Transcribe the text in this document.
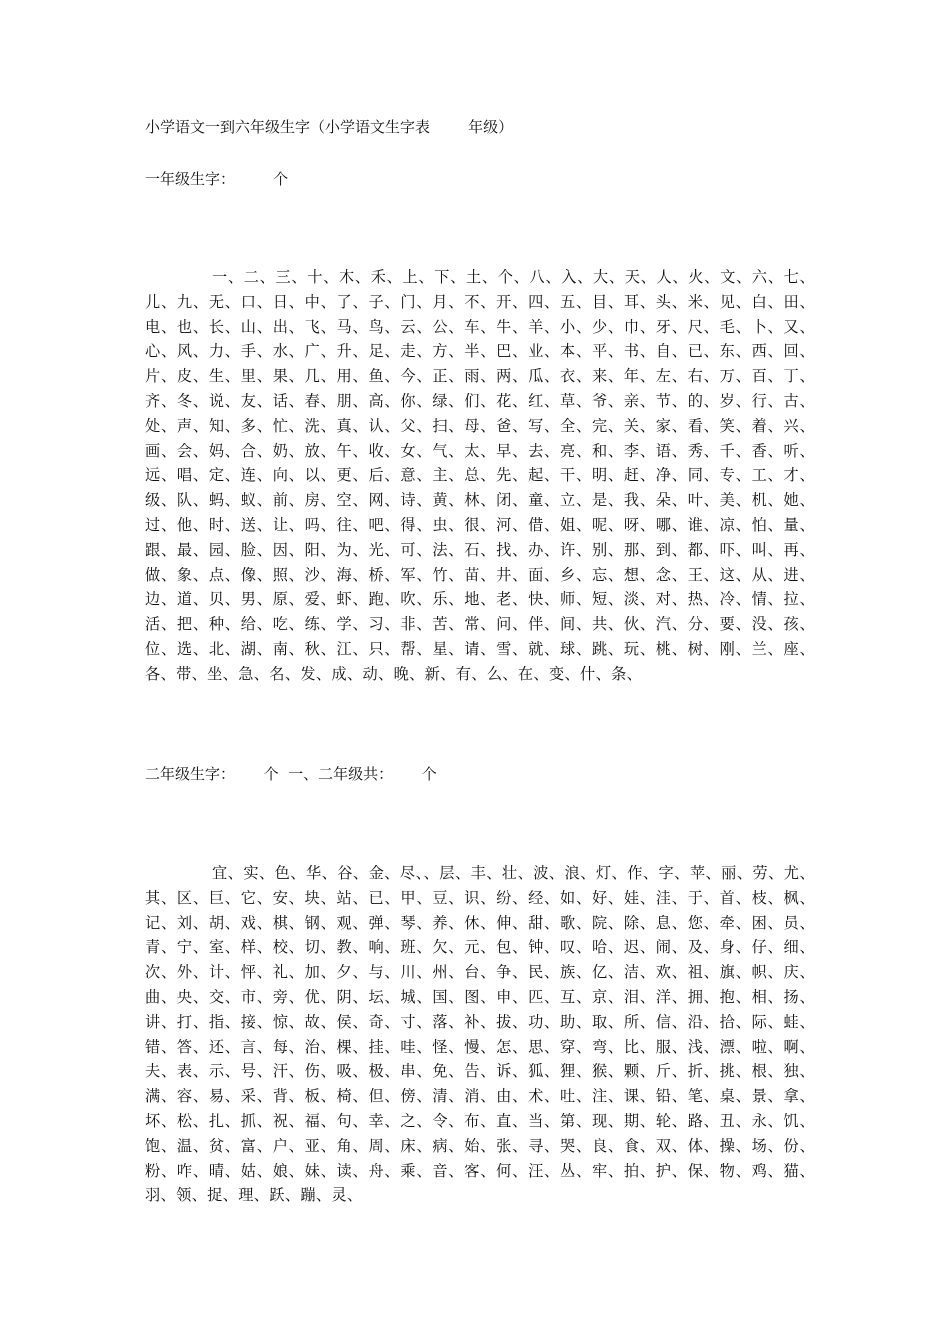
小学语文一到六年级生字（小学语文生字表        年级）
一年级生字：        个
一、二、三、十、木、禾、上、下、土、个、八、入、大、天、人、火、文、六、七、儿、九、无、口、日、中、了、子、门、月、不、开、四、五、目、耳、头、米、见、白、田、电、也、长、山、出、飞、马、鸟、云、公、车、牛、羊、小、少、巾、牙、尺、毛、卜、又、心、风、力、手、水、广、升、足、走、方、半、巴、业、本、平、书、自、已、东、西、回、片、皮、生、里、果、几、用、鱼、今、正、雨、两、瓜、衣、来、年、左、右、万、百、丁、齐、冬、说、友、话、春、朋、高、你、绿、们、花、红、草、爷、亲、节、的、岁、行、古、处、声、知、多、忙、洗、真、认、父、扫、母、爸、写、全、完、关、家、看、笑、着、兴、画、会、妈、合、奶、放、午、收、女、气、太、早、去、亮、和、李、语、秀、千、香、听、远、唱、定、连、向、以、更、后、意、主、总、先、起、干、明、赶、净、同、专、工、才、级、队、蚂、蚁、前、房、空、网、诗、黄、林、闭、童、立、是、我、朵、叶、美、机、她、过、他、时、送、让、吗、往、吧、得、虫、很、河、借、姐、呢、呀、哪、谁、凉、怕、量、跟、最、园、脸、因、阳、为、光、可、法、石、找、办、许、别、那、到、都、吓、叫、再、做、象、点、像、照、沙、海、桥、军、竹、苗、井、面、乡、忘、想、念、王、这、从、进、边、道、贝、男、原、爱、虾、跑、吹、乐、地、老、快、师、短、淡、对、热、冷、情、拉、活、把、种、给、吃、练、学、习、非、苦、常、问、伴、间、共、伙、汽、分、要、没、孩、位、选、北、湖、南、秋、江、只、帮、星、请、雪、就、球、跳、玩、桃、树、刚、兰、座、各、带、坐、急、名、发、成、动、晚、新、有、么、在、变、什、条、
二年级生字：      个  一、二年级共：      个
宜、实、色、华、谷、金、尽、、层、丰、壮、波、浪、灯、作、字、苹、丽、劳、尤、其、区、巨、它、安、块、站、已、甲、豆、识、纷、经、如、好、娃、洼、于、首、枝、枫、记、刘、胡、戏、棋、钢、观、弹、琴、养、休、伸、甜、歌、院、除、息、您、牵、困、员、青、宁、室、样、校、切、教、响、班、欠、元、包、钟、叹、哈、迟、闹、及、身、仔、细、次、外、计、怦、礼、加、夕、与、川、州、台、争、民、族、亿、洁、欢、祖、旗、帜、庆、曲、央、交、市、旁、优、阴、坛、城、国、图、申、匹、互、京、泪、洋、拥、抱、相、扬、讲、打、指、接、惊、故、侯、奇、寸、落、补、拔、功、助、取、所、信、沿、拾、际、蛙、错、答、还、言、每、治、棵、挂、哇、怪、慢、怎、思、穿、弯、比、服、浅、漂、啦、啊、夫、表、示、号、汗、伤、吸、极、串、免、告、诉、狐、狸、猴、颗、斤、折、挑、根、独、满、容、易、采、背、板、椅、但、傍、清、消、由、术、吐、注、课、铅、笔、桌、景、拿、坏、松、扎、抓、祝、福、句、幸、之、令、布、直、当、第、现、期、轮、路、丑、永、饥、饱、温、贫、富、户、亚、角、周、床、病、始、张、寻、哭、良、食、双、体、操、场、份、粉、咋、晴、姑、娘、妹、读、舟、乘、音、客、何、汪、丛、牢、拍、护、保、物、鸡、猫、羽、领、捉、理、跃、蹦、灵、
